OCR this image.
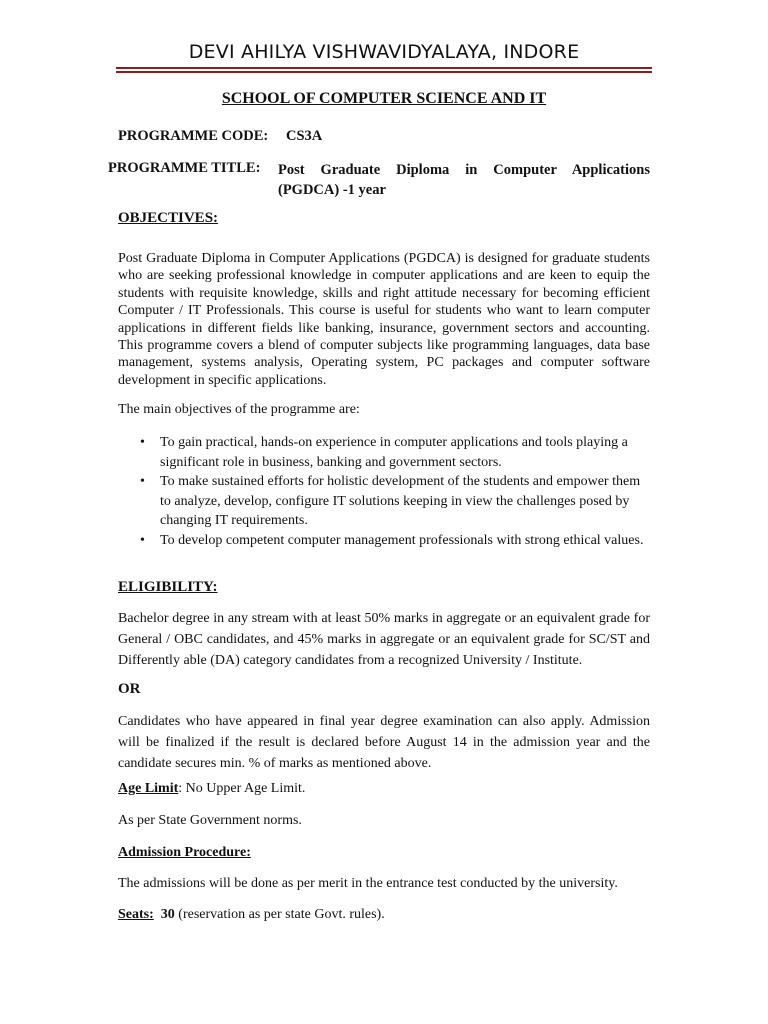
DEVI AHILYA VISHWAVIDYALAYA, INDORE
SCHOOL OF COMPUTER SCIENCE AND IT
PROGRAMME CODE: CS3A
PROGRAMME TITLE: Post Graduate Diploma in Computer Applications
(PGDCA) -1 year
OBJECTIVES:
Post Graduate Diploma in Computer Applications (PGDCA) is designed for graduate students who are seeking professional knowledge in computer applications and are keen to equip the students with requisite knowledge, skills and right attitude necessary for becoming efficient Computer / IT Professionals. This course is useful for students who want to learn computer applications in different fields like banking, insurance, government sectors and accounting. This programme covers a blend of computer subjects like programming languages, data base management, systems analysis, Operating system, PC packages and computer software development in specific applications.
The main objectives of the programme are:
• To gain practical, hands-on experience in computer applications and tools playing a significant role in business, banking and government sectors.
• To make sustained efforts for holistic development of the students and empower them to analyze, develop, configure IT solutions keeping in view the challenges posed by changing IT requirements.
• To develop competent computer management professionals with strong ethical values.
ELIGIBILITY:
Bachelor degree in any stream with at least 50% marks in aggregate or an equivalent grade for General / OBC candidates, and 45% marks in aggregate or an equivalent grade for SC/ST and Differently able (DA) category candidates from a recognized University / Institute.
OR
Candidates who have appeared in final year degree examination can also apply. Admission will be finalized if the result is declared before August 14 in the admission year and the candidate secures min. % of marks as mentioned above.
Age Limit: No Upper Age Limit.
As per State Government norms.
Admission Procedure:
The admissions will be done as per merit in the entrance test conducted by the university.
Seats: 30 (reservation as per state Govt. rules).
